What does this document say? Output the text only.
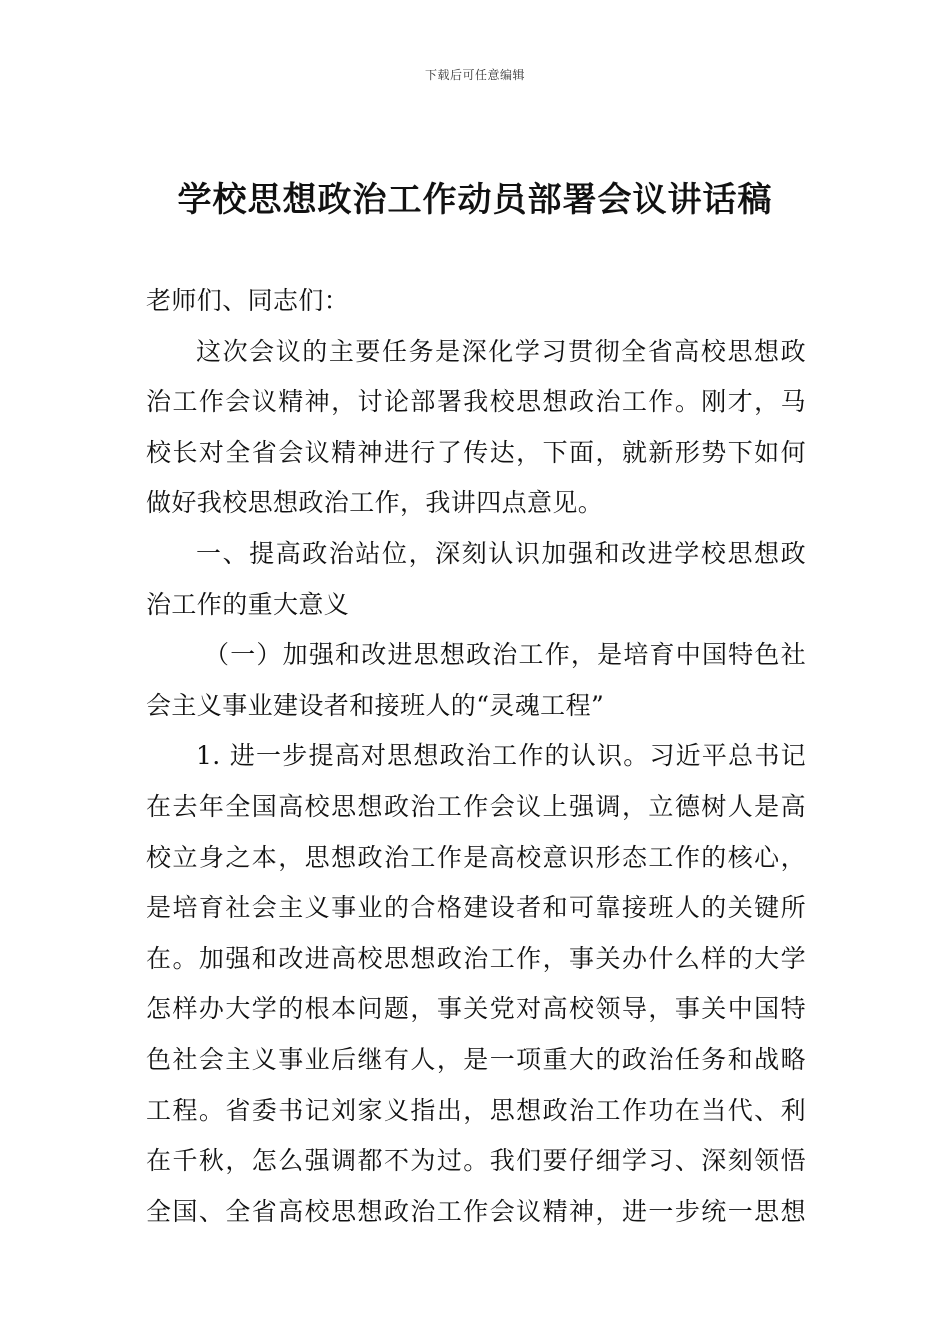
下载后可任意编辑
学校思想政治工作动员部署会议讲话稿
老师们、同志们：
这次会议的主要任务是深化学习贯彻全省高校思想政
治工作会议精神，讨论部署我校思想政治工作。刚才，马
校长对全省会议精神进行了传达，下面，就新形势下如何
做好我校思想政治工作，我讲四点意见。
一、提高政治站位，深刻认识加强和改进学校思想政
治工作的重大意义
（一）加强和改进思想政治工作，是培育中国特色社
会主义事业建设者和接班人的“灵魂工程”
1. 进一步提高对思想政治工作的认识。习近平总书记
在去年全国高校思想政治工作会议上强调，立德树人是高
校立身之本，思想政治工作是高校意识形态工作的核心，
是培育社会主义事业的合格建设者和可靠接班人的关键所
在。加强和改进高校思想政治工作，事关办什么样的大学
怎样办大学的根本问题，事关党对高校领导，事关中国特
色社会主义事业后继有人，是一项重大的政治任务和战略
工程。省委书记刘家义指出，思想政治工作功在当代、利
在千秋，怎么强调都不为过。我们要仔细学习、深刻领悟
全国、全省高校思想政治工作会议精神，进一步统一思想
